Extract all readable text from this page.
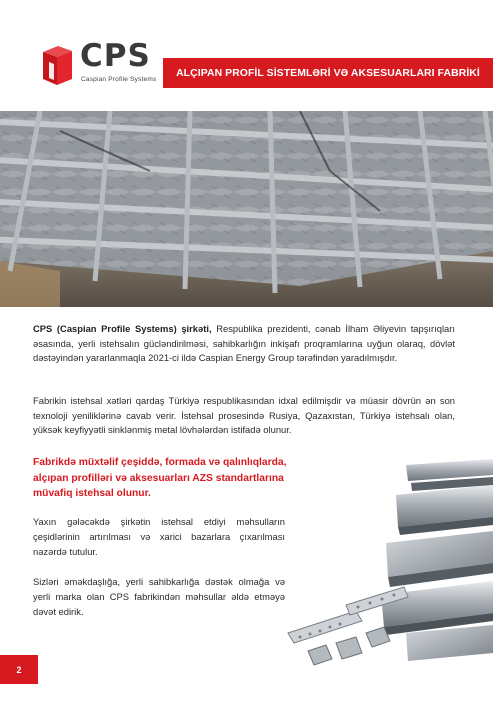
CPS
Caspian Profile Systems
ALÇIPAN PROFİL SİSTEMLƏRİ VƏ AKSESUARLARI FABRİKİ
CPS (Caspian Profile Systems) şirkəti, Respublika prezidenti, cənab İlham Əliyevin tapşırıqları əsasında, yerli istehsalın gücləndirilməsi, sahibkarlığın inkişafı proqramlarına uyğun olaraq, dövlət dəstəyindən yararlanmaqla 2021-ci ildə Caspian Energy Group tərəfindən yaradılmışdır.
Fabrikin istehsal xətləri qardaş Türkiyə respublikasından idxal edilmişdir və müasir dövrün ən son texnoloji yeniliklərinə cavab verir. İstehsal prosesində Rusiya, Qazaxıstan, Türkiyə istehsalı olan, yüksək keyfiyyətli sinklənmiş metal lövhələrdən istifadə olunur.
Fabrikdə müxtəlif çeşiddə, formada və qalınlıqlarda, alçıpan profilləri və aksesuarları AZS standartlarına müvafiq istehsal olunur.
Yaxın gələcəkdə şirkətin istehsal etdiyi məhsulların çeşidlərinin artırılması və xarici bazarlara çıxarılması nəzərdə tutulur.
Sizləri əməkdaşlığa, yerli sahibkarlığa dəstək olmağa və yerli marka olan CPS fabrikindən məhsullar əldə etməyə dəvət edirik.
2
